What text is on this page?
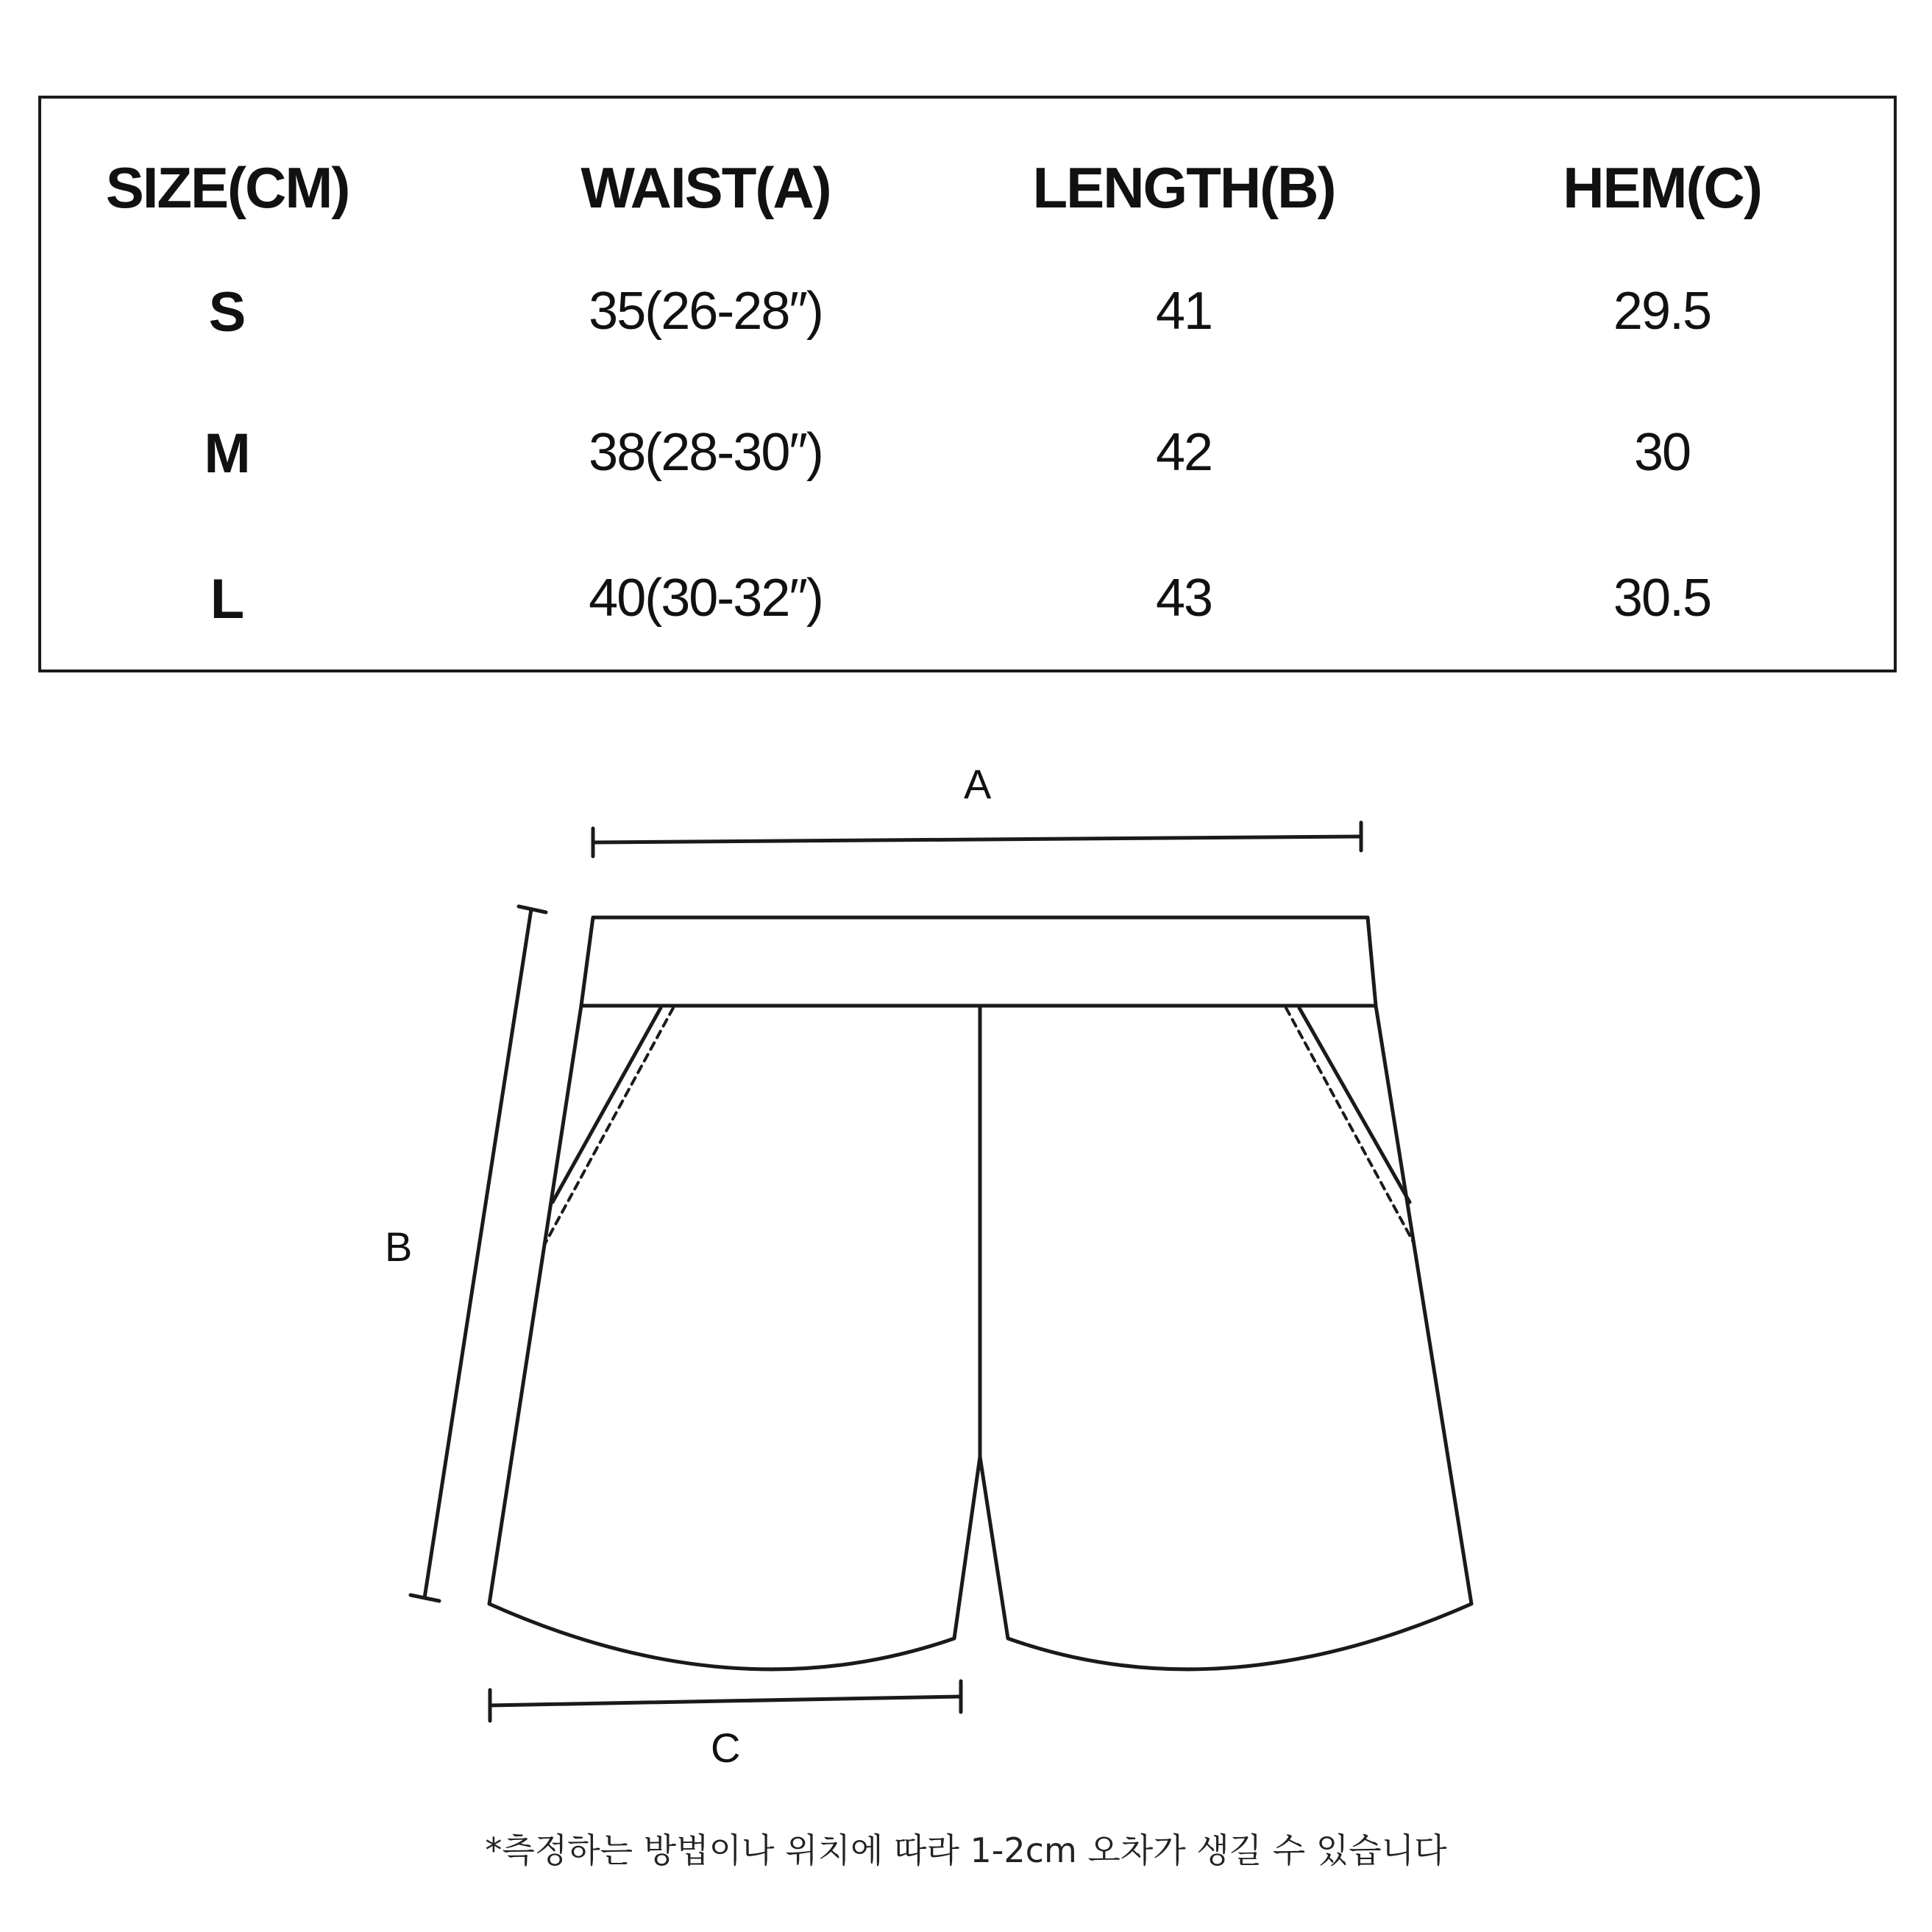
SIZE(CM)	WAIST(A)	LENGTH(B)	HEM(C)
S	35(26-28″)	41	29.5
M	38(28-30″)	42	30
L	40(30-32″)	43	30.5
A
B
C
*측정하는 방법이나 위치에 따라 1-2cm 오차가 생길 수 있습니다
